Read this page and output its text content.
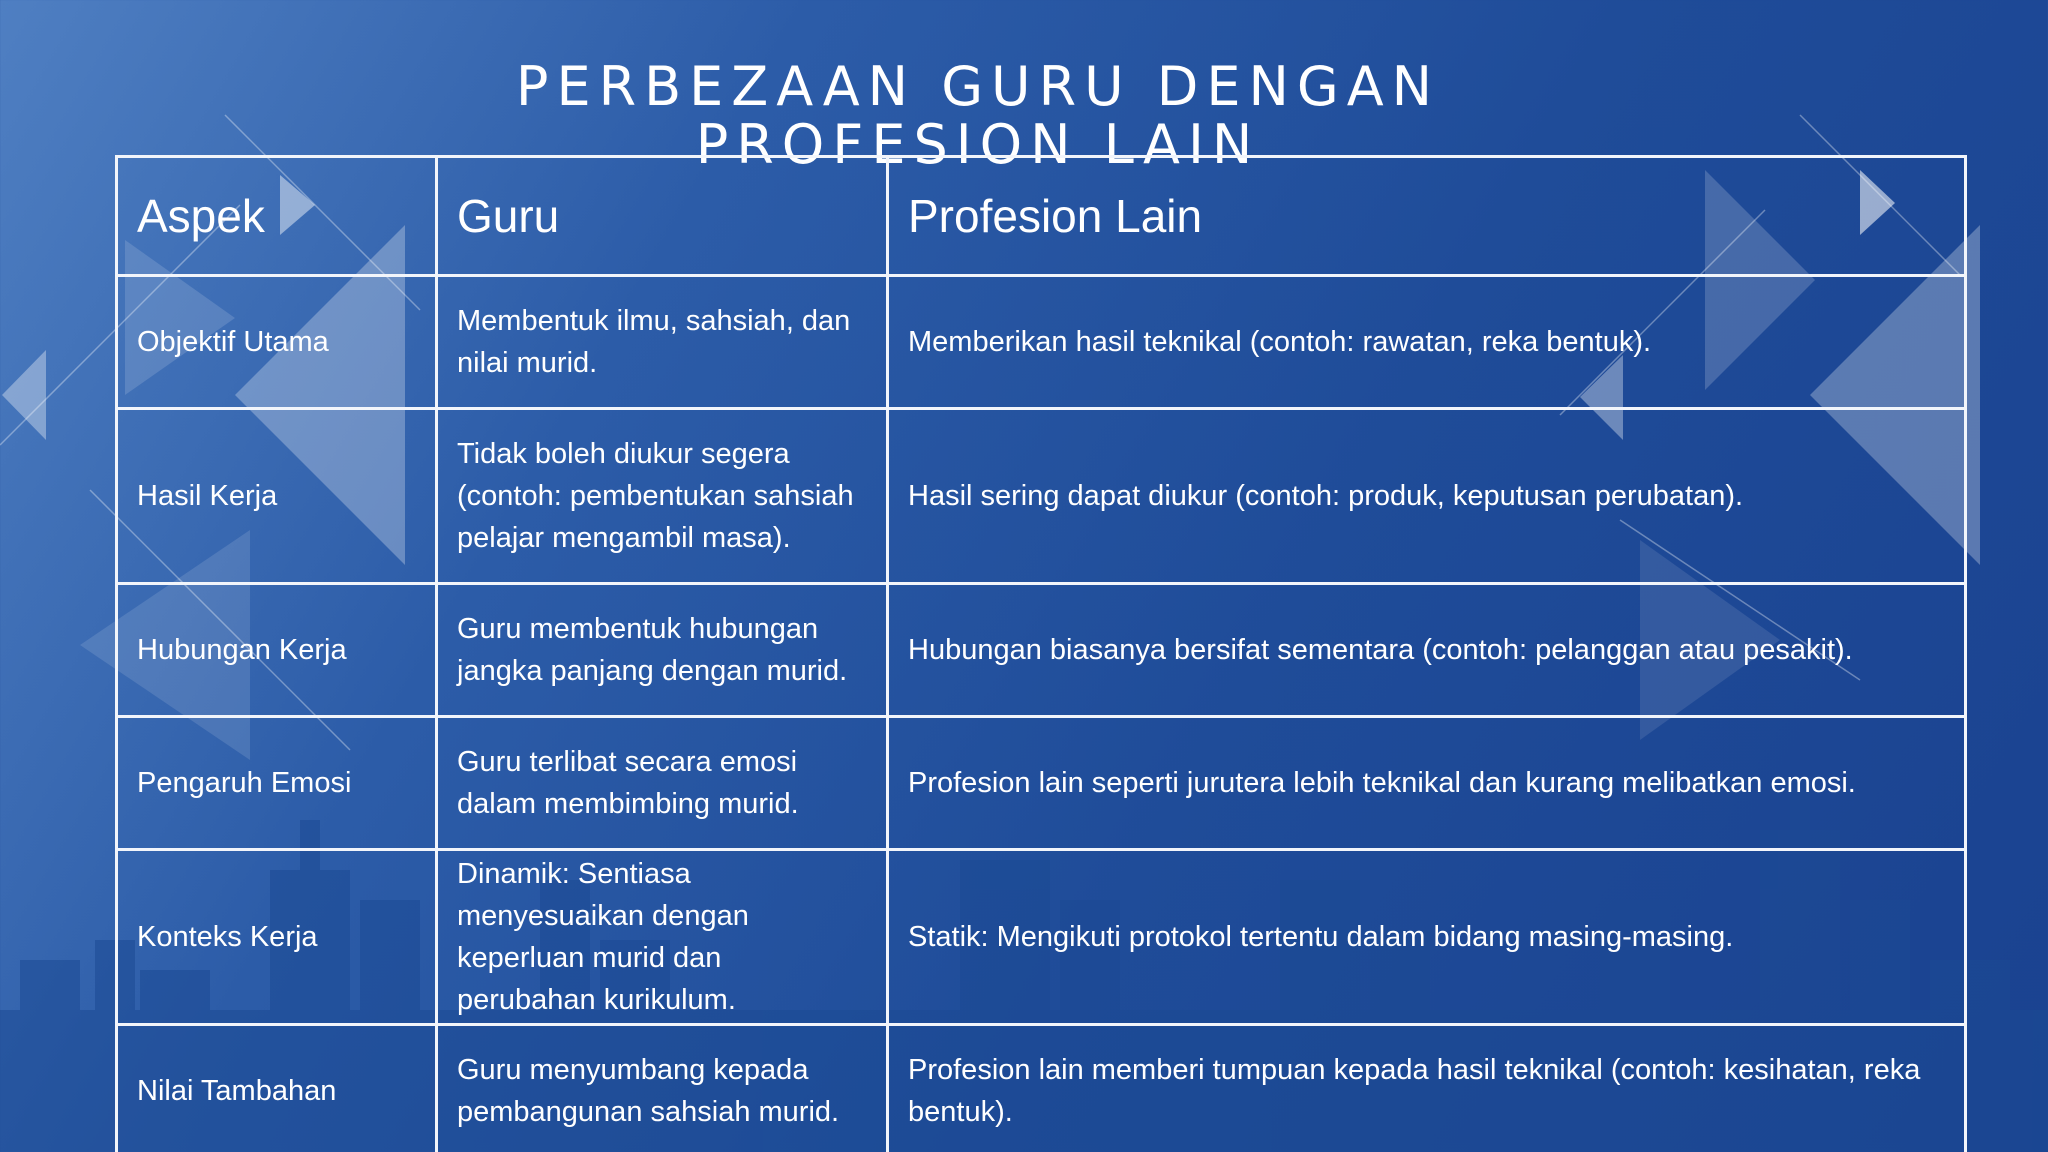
PERBEZAAN GURU DENGAN PROFESION LAIN
Aspek	Guru	Profesion Lain
Objektif Utama	Membentuk ilmu, sahsiah, dan nilai murid.	Memberikan hasil teknikal (contoh: rawatan, reka bentuk).
Hasil Kerja	Tidak boleh diukur segera (contoh: pembentukan sahsiah pelajar mengambil masa).	Hasil sering dapat diukur (contoh: produk, keputusan perubatan).
Hubungan Kerja	Guru membentuk hubungan jangka panjang dengan murid.	Hubungan biasanya bersifat sementara (contoh: pelanggan atau pesakit).
Pengaruh Emosi	Guru terlibat secara emosi dalam membimbing murid.	Profesion lain seperti jurutera lebih teknikal dan kurang melibatkan emosi.
Konteks Kerja	Dinamik: Sentiasa menyesuaikan dengan keperluan murid dan perubahan kurikulum.	Statik: Mengikuti protokol tertentu dalam bidang masing-masing.
Nilai Tambahan	Guru menyumbang kepada pembangunan sahsiah murid.	Profesion lain memberi tumpuan kepada hasil teknikal (contoh: kesihatan, reka bentuk).
